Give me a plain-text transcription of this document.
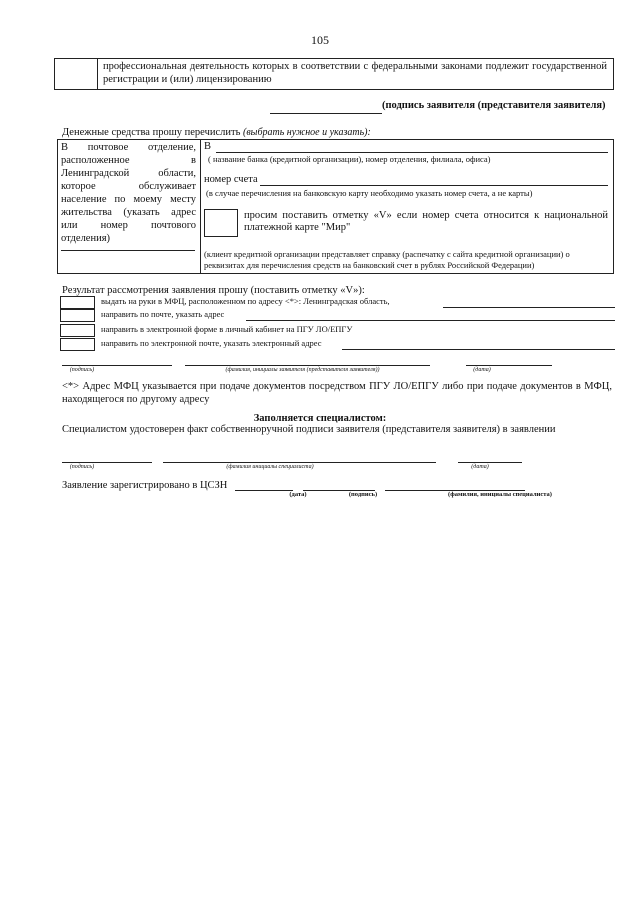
105
профессиональная деятельность которых в соответствии с федеральными законами подлежит государственной регистрации и (или) лицензированию
(подпись заявителя (представителя заявителя)
Денежные средства прошу перечислить (выбрать нужное и указать):
В почтовое отделение, расположенное в Ленинградской области, которое обслуживает население по моему месту жительства (указать адрес или номер почтового отделения)
В
( название банка (кредитной организации), номер отделения, филиала, офиса)
номер счета
(в случае перечисления на банковскую карту необходимо указать номер счета, а не карты)
просим поставить отметку «V» если номер счета относится к национальной платежной карте "Мир"
(клиент кредитной организации представляет справку (распечатку с сайта кредитной организации) о реквизитах для перечисления средств на банковский счет в рублях Российской Федерации)
Результат рассмотрения заявления прошу (поставить отметку «V»):
выдать на руки в МФЦ, расположенном по адресу <*>: Ленинградская область,
направить по почте, указать адрес
направить в электронной форме в личный кабинет на ПГУ ЛО/ЕПГУ
направить по электронной почте, указать электронный адрес
(подпись)	(фамилия, инициалы заявителя (представителя заявителя))	(дата)
<*> Адрес МФЦ указывается при подаче документов посредством ПГУ ЛО/ЕПГУ либо при подаче документов в МФЦ, находящегося по другому адресу
Заполняется специалистом:
Специалистом удостоверен факт собственноручной подписи заявителя (представителя заявителя) в заявлении
(подпись)	(фамилия инициалы специалиста)	(дата)
Заявление зарегистрировано в ЦСЗН
(дата)	(подпись)	(фамилия, инициалы специалиста)
